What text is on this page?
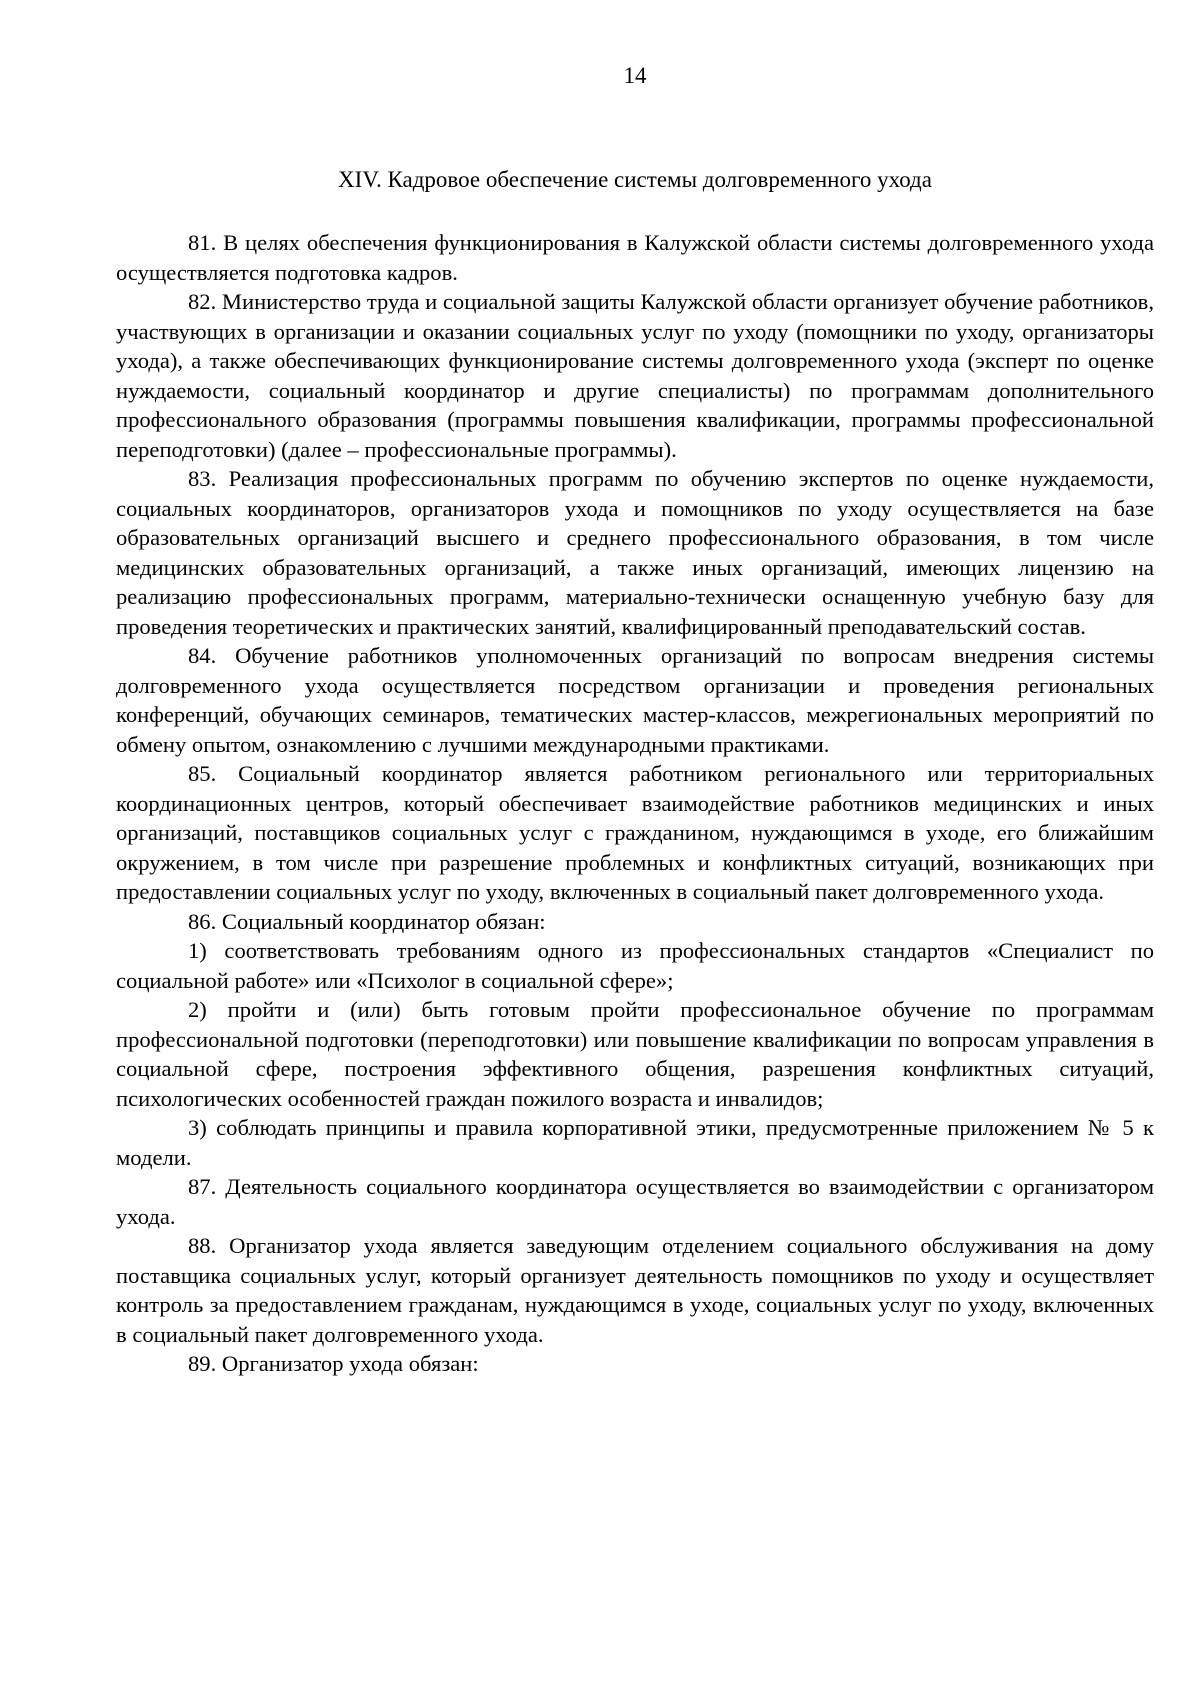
14

XIV. Кадровое обеспечение системы долговременного ухода

81. В целях обеспечения функционирования в Калужской области системы долговременного ухода осуществляется подготовка кадров.

82. Министерство труда и социальной защиты Калужской области организует обучение работников, участвующих в организации и оказании социальных услуг по уходу (помощники по уходу, организаторы ухода), а также обеспечивающих функционирование системы долговременного ухода (эксперт по оценке нуждаемости, социальный координатор и другие специалисты) по программам дополнительного профессионального образования (программы повышения квалификации, программы профессиональной переподготовки) (далее – профессиональные программы).

83. Реализация профессиональных программ по обучению экспертов по оценке нуждаемости, социальных координаторов, организаторов ухода и помощников по уходу осуществляется на базе образовательных организаций высшего и среднего профессионального образования, в том числе медицинских образовательных организаций, а также иных организаций, имеющих лицензию на реализацию профессиональных программ, материально-технически оснащенную учебную базу для проведения теоретических и практических занятий, квалифицированный преподавательский состав.

84. Обучение работников уполномоченных организаций по вопросам внедрения системы долговременного ухода осуществляется посредством организации и проведения региональных конференций, обучающих семинаров, тематических мастер-классов, межрегиональных мероприятий по обмену опытом, ознакомлению с лучшими международными практиками.

85. Социальный координатор является работником регионального или территориальных координационных центров, который обеспечивает взаимодействие работников медицинских и иных организаций, поставщиков социальных услуг с гражданином, нуждающимся в уходе, его ближайшим окружением, в том числе при разрешение проблемных и конфликтных ситуаций, возникающих при предоставлении социальных услуг по уходу, включенных в социальный пакет долговременного ухода.

86. Социальный координатор обязан:

1) соответствовать требованиям одного из профессиональных стандартов «Специалист по социальной работе» или «Психолог в социальной сфере»;

2) пройти и (или) быть готовым пройти профессиональное обучение по программам профессиональной подготовки (переподготовки) или повышение квалификации по вопросам управления в социальной сфере, построения эффективного общения, разрешения конфликтных ситуаций, психологических особенностей граждан пожилого возраста и инвалидов;

3) соблюдать принципы и правила корпоративной этики, предусмотренные приложением № 5 к модели.

87. Деятельность социального координатора осуществляется во взаимодействии с организатором ухода.

88. Организатор ухода является заведующим отделением социального обслуживания на дому поставщика социальных услуг, который организует деятельность помощников по уходу и осуществляет контроль за предоставлением гражданам, нуждающимся в уходе, социальных услуг по уходу, включенных в социальный пакет долговременного ухода.

89. Организатор ухода обязан:
